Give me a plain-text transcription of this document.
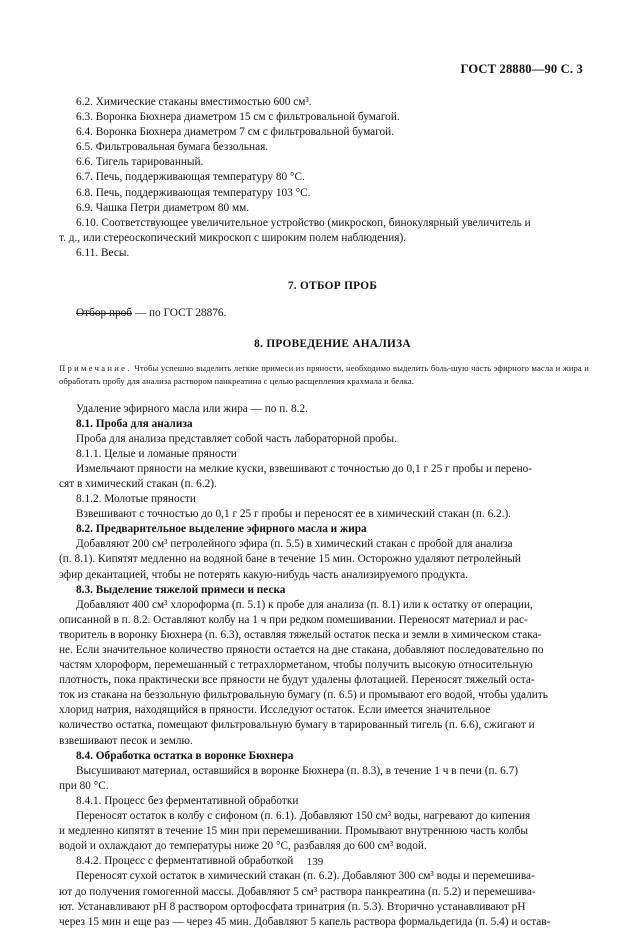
ГОСТ 28880—90 С. 3

6.2. Химические стаканы вместимостью 600 см³.

6.3. Воронка Бюхнера диаметром 15 см с фильтровальной бумагой.

6.4. Воронка Бюхнера диаметром 7 см с фильтровальной бумагой.

6.5. Фильтровальная бумага беззольная.

6.6. Тигель тарированный.

6.7. Печь, поддерживающая температуру 80 °С.

6.8. Печь, поддерживающая температуру 103 °С.

6.9. Чашка Петри диаметром 80 мм.

6.10. Соответствующее увеличительное устройство (микроскоп, бинокулярный увеличитель и

т. д., или стереоскопический микроскоп с широким полем наблюдения).

6.11. Весы.

7. ОТБОР ПРОБ

Отбор проб — по ГОСТ 28876.

8. ПРОВЕДЕНИЕ АНАЛИЗА

Примечание. Чтобы успешно выделить легкие примеси из пряности, необходимо выделить боль-шую часть эфирного масла и жира и обработать пробу для анализа раствором панкреатина с целью расщепления крахмала и белка.

Удаление эфирного масла или жира — по п. 8.2.

8.1. Проба для анализа

Проба для анализа представляет собой часть лабораторной пробы.

8.1.1. Целые и ломаные пряности

Измельчают пряности на мелкие куски, взвешивают с точностью до 0,1 г 25 г пробы и перено-

сят в химический стакан (п. 6.2).

8.1.2. Молотые пряности

Взвешивают с точностью до 0,1 г 25 г пробы и переносят ее в химический стакан (п. 6.2.).

8.2. Предварительное выделение эфирного масла и жира

Добавляют 200 см³ петролейного эфира (п. 5.5) в химический стакан с пробой для анализа

(п. 8.1). Кипятят медленно на водяной бане в течение 15 мин. Осторожно удаляют петролейный

эфир декантацией, чтобы не потерять какую-нибудь часть анализируемого продукта.

8.3. Выделение тяжелой примеси и песка

Добавляют 400 см³ хлороформа (п. 5.1) к пробе для анализа (п. 8.1) или к остатку от операции,

описанной в п. 8.2. Оставляют колбу на 1 ч при редком помешивании. Переносят материал и рас-

творитель в воронку Бюхнера (п. 6.3), оставляя тяжелый остаток песка и земли в химическом стака-

не. Если значительное количество пряности остается на дне стакана, добавляют последовательно по

частям хлороформ, перемешанный с тетрахлорметаном, чтобы получить высокую относительную

плотность, пока практически все пряности не будут удалены флотацией. Переносят тяжелый оста-

ток из стакана на беззольную фильтровальную бумагу (п. 6.5) и промывают его водой, чтобы удалить

хлорид натрия, находящийся в пряности. Исследуют остаток. Если имеется значительное

количество остатка, помещают фильтровальную бумагу в тарированный тигель (п. 6.6), сжигают и

взвешивают песок и землю.

8.4. Обработка остатка в воронке Бюхнера

Высушивают материал, оставшийся в воронке Бюхнера (п. 8.3), в течение 1 ч в печи (п. 6.7)

при 80 °С.

8.4.1. Процесс без ферментативной обработки

Переносят остаток в колбу с сифоном (п. 6.1). Добавляют 150 см³ воды, нагревают до кипения

и медленно кипятят в течение 15 мин при перемешивании. Промывают внутреннюю часть колбы

водой и охлаждают до температуры ниже 20 °С, разбавляя до 600 см³ водой.

8.4.2. Процесс с ферментативной обработкой

Переносят сухой остаток в химический стакан (п. 6.2). Добавляют 300 см³ воды и перемешива-

ют до получения гомогенной массы. Добавляют 5 см³ раствора панкреатина (п. 5.2) и перемешива-

ют. Устанавливают pH 8 раствором ортофосфата тринатрия (п. 5.3). Вторично устанавливают pH

через 15 мин и еще раз — через 45 мин. Добавляют 5 капель раствора формальдегида (п. 5.4) и остав-

139
